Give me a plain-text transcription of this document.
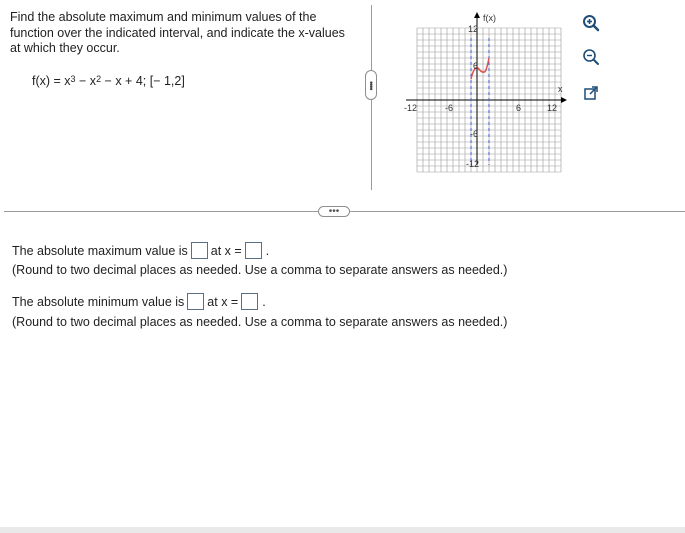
Find the absolute maximum and minimum values of the function over the indicated interval, and indicate the x-values at which they occur.
$f(x) = x^3 - x^2 - x + 4$; [− 1,2]	••••
f(x)
x
-12	-6	6	12
12
6
-6
-12
•••
The absolute maximum value is at x = .
(Round to two decimal places as needed. Use a comma to separate answers as needed.)
The absolute minimum value is at x = .
(Round to two decimal places as needed. Use a comma to separate answers as needed.)
